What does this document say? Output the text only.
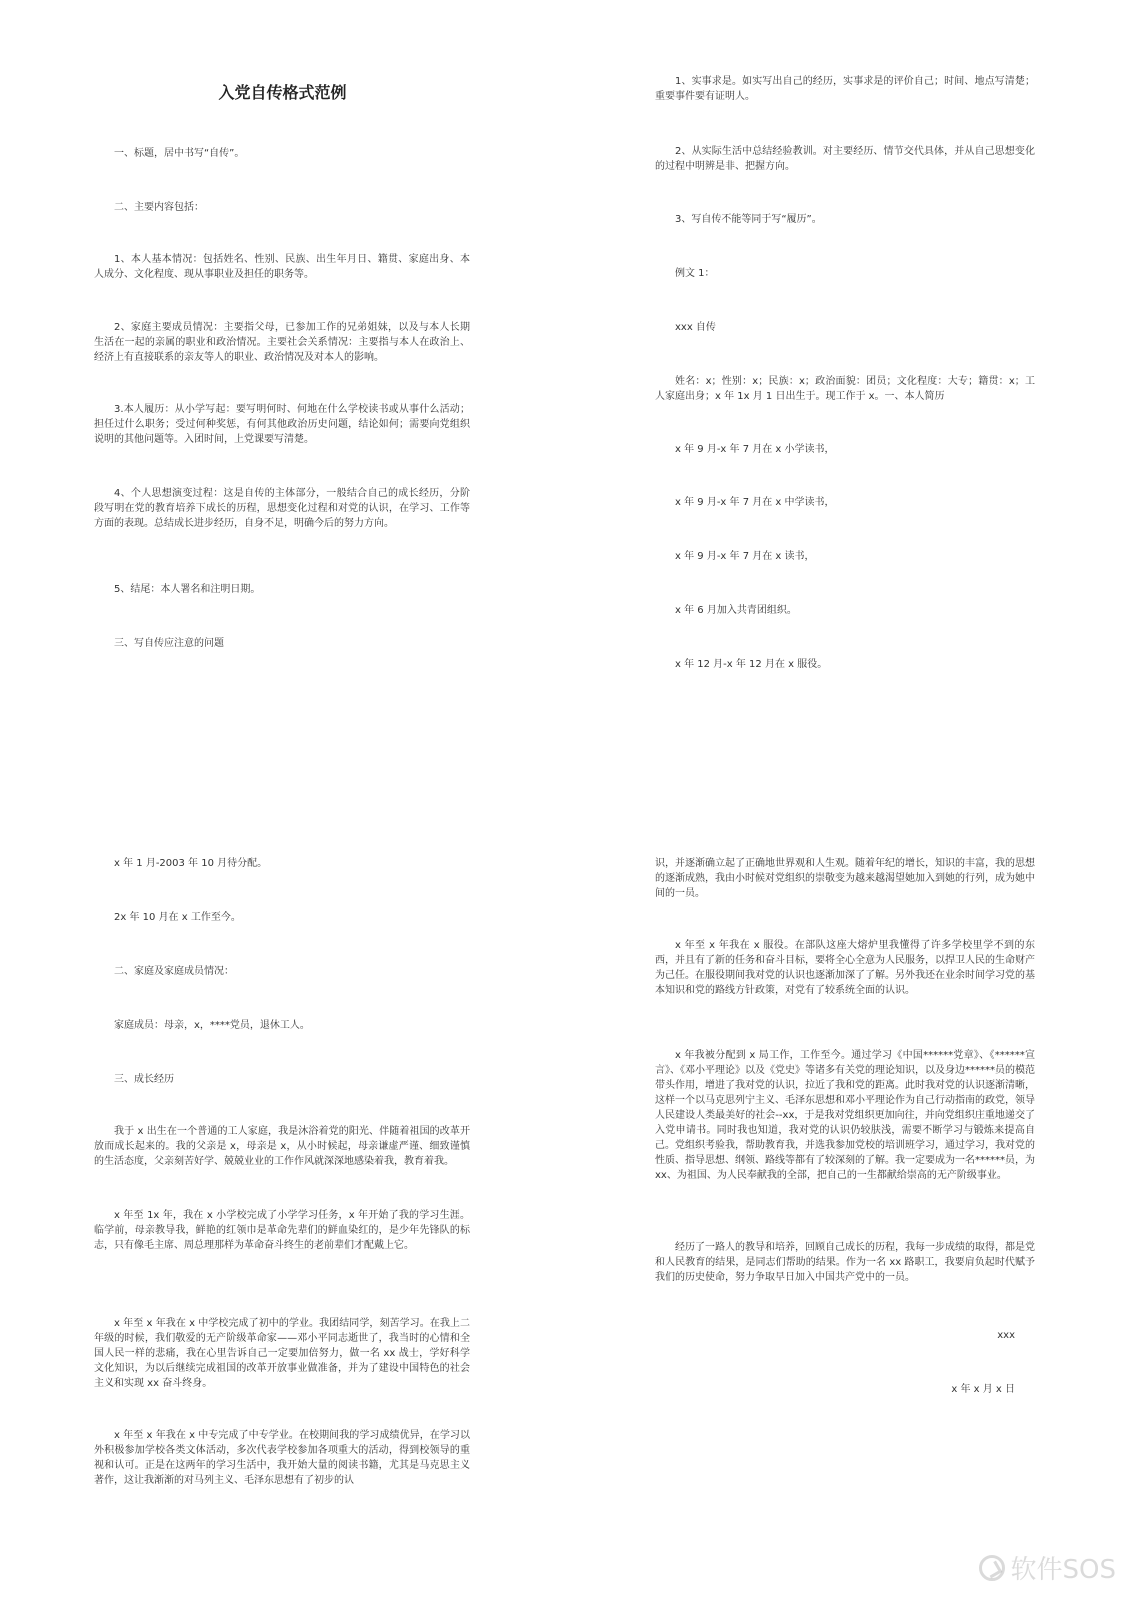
入党自传格式范例

一、标题，居中书写“自传”。

二、主要内容包括：

1、本人基本情况：包括姓名、性别、民族、出生年月日、籍贯、家庭出身、本人成分、文化程度、现从事职业及担任的职务等。

2、家庭主要成员情况：主要指父母，已参加工作的兄弟姐妹，以及与本人长期生活在一起的亲属的职业和政治情况。主要社会关系情况：主要指与本人在政治上、经济上有直接联系的亲友等人的职业、政治情况及对本人的影响。

3.本人履历：从小学写起：要写明何时、何地在什么学校读书或从事什么活动；担任过什么职务；受过何种奖惩，有何其他政治历史问题，结论如何；需要向党组织说明的其他问题等。入团时间，上党课要写清楚。

4、个人思想演变过程：这是自传的主体部分，一般结合自己的成长经历，分阶段写明在党的教育培养下成长的历程，思想变化过程和对党的认识，在学习、工作等方面的表现。总结成长进步经历，自身不足，明确今后的努力方向。

5、结尾：本人署名和注明日期。

三、写自传应注意的问题

1、实事求是。如实写出自己的经历，实事求是的评价自己；时间、地点写清楚；重要事件要有证明人。

2、从实际生活中总结经验教训。对主要经历、情节交代具体，并从自己思想变化的过程中明辨是非、把握方向。

3、写自传不能等同于写“履历”。

例文 1：

xxx 自传

姓名：x；性别：x；民族：x；政治面貌：团员；文化程度：大专；籍贯：x；工人家庭出身；x 年 1x 月 1 日出生于。现工作于 x。一、本人简历

x 年 9 月-x 年 7 月在 x 小学读书，

x 年 9 月-x 年 7 月在 x 中学读书，

x 年 9 月-x 年 7 月在 x 读书，

x 年 6 月加入共青团组织。

x 年 12 月-x 年 12 月在 x 服役。

x 年 1 月-2003 年 10 月待分配。

2x 年 10 月在 x 工作至今。

二、家庭及家庭成员情况：

家庭成员：母亲，x，****党员，退休工人。

三、成长经历

我于 x 出生在一个普通的工人家庭，我是沐浴着党的阳光、伴随着祖国的改革开放而成长起来的。我的父亲是 x，母亲是 x，从小时候起，母亲谦虚严谨、细致谨慎的生活态度，父亲刻苦好学、兢兢业业的工作作风就深深地感染着我，教育着我。

x 年至 1x 年，我在 x 小学校完成了小学学习任务，x 年开始了我的学习生涯。临学前，母亲教导我，鲜艳的红领巾是革命先辈们的鲜血染红的，是少年先锋队的标志，只有像毛主席、周总理那样为革命奋斗终生的老前辈们才配戴上它。

x 年至 x 年我在 x 中学校完成了初中的学业。我团结同学，刻苦学习。在我上二年级的时候，我们敬爱的无产阶级革命家——邓小平同志逝世了，我当时的心情和全国人民一样的悲痛，我在心里告诉自己一定要加倍努力，做一名 xx 战士，学好科学文化知识，为以后继续完成祖国的改革开放事业做准备，并为了建设中国特色的社会主义和实现 xx 奋斗终身。

x 年至 x 年我在 x 中专完成了中专学业。在校期间我的学习成绩优异，在学习以外积极参加学校各类文体活动，多次代表学校参加各项重大的活动，得到校领导的重视和认可。正是在这两年的学习生活中，我开始大量的阅读书籍，尤其是马克思主义著作，这让我渐渐的对马列主义、毛泽东思想有了初步的认

识，并逐渐确立起了正确地世界观和人生观。随着年纪的增长，知识的丰富，我的思想的逐渐成熟，我由小时候对党组织的崇敬变为越来越渴望她加入到她的行列，成为她中间的一员。

x 年至 x 年我在 x 服役。在部队这座大熔炉里我懂得了许多学校里学不到的东西，并且有了新的任务和奋斗目标，要将全心全意为人民服务，以捍卫人民的生命财产为己任。在服役期间我对党的认识也逐渐加深了了解。另外我还在业余时间学习党的基本知识和党的路线方针政策，对党有了较系统全面的认识。

x 年我被分配到 x 局工作，工作至今。通过学习《中国******党章》、《******宣言》、《邓小平理论》以及《党史》等诸多有关党的理论知识，以及身边******员的模范带头作用，增进了我对党的认识，拉近了我和党的距离。此时我对党的认识逐渐清晰，这样一个以马克思列宁主义、毛泽东思想和邓小平理论作为自己行动指南的政党，领导人民建设人类最美好的社会--xx，于是我对党组织更加向往，并向党组织庄重地递交了入党申请书。同时我也知道，我对党的认识仍较肤浅，需要不断学习与锻炼来提高自己。党组织考验我，帮助教育我，并选我参加党校的培训班学习，通过学习，我对党的性质、指导思想、纲领、路线等都有了较深刻的了解。我一定要成为一名******员，为 xx、为祖国、为人民奉献我的全部，把自己的一生都献给崇高的无产阶级事业。

经历了一路人的教导和培养，回顾自己成长的历程，我每一步成绩的取得，都是党和人民教育的结果，是同志们帮助的结果。作为一名 xx 路职工，我要肩负起时代赋予我们的历史使命，努力争取早日加入中国共产党中的一员。

xxx

x 年 x 月 x 日

软件SOS
